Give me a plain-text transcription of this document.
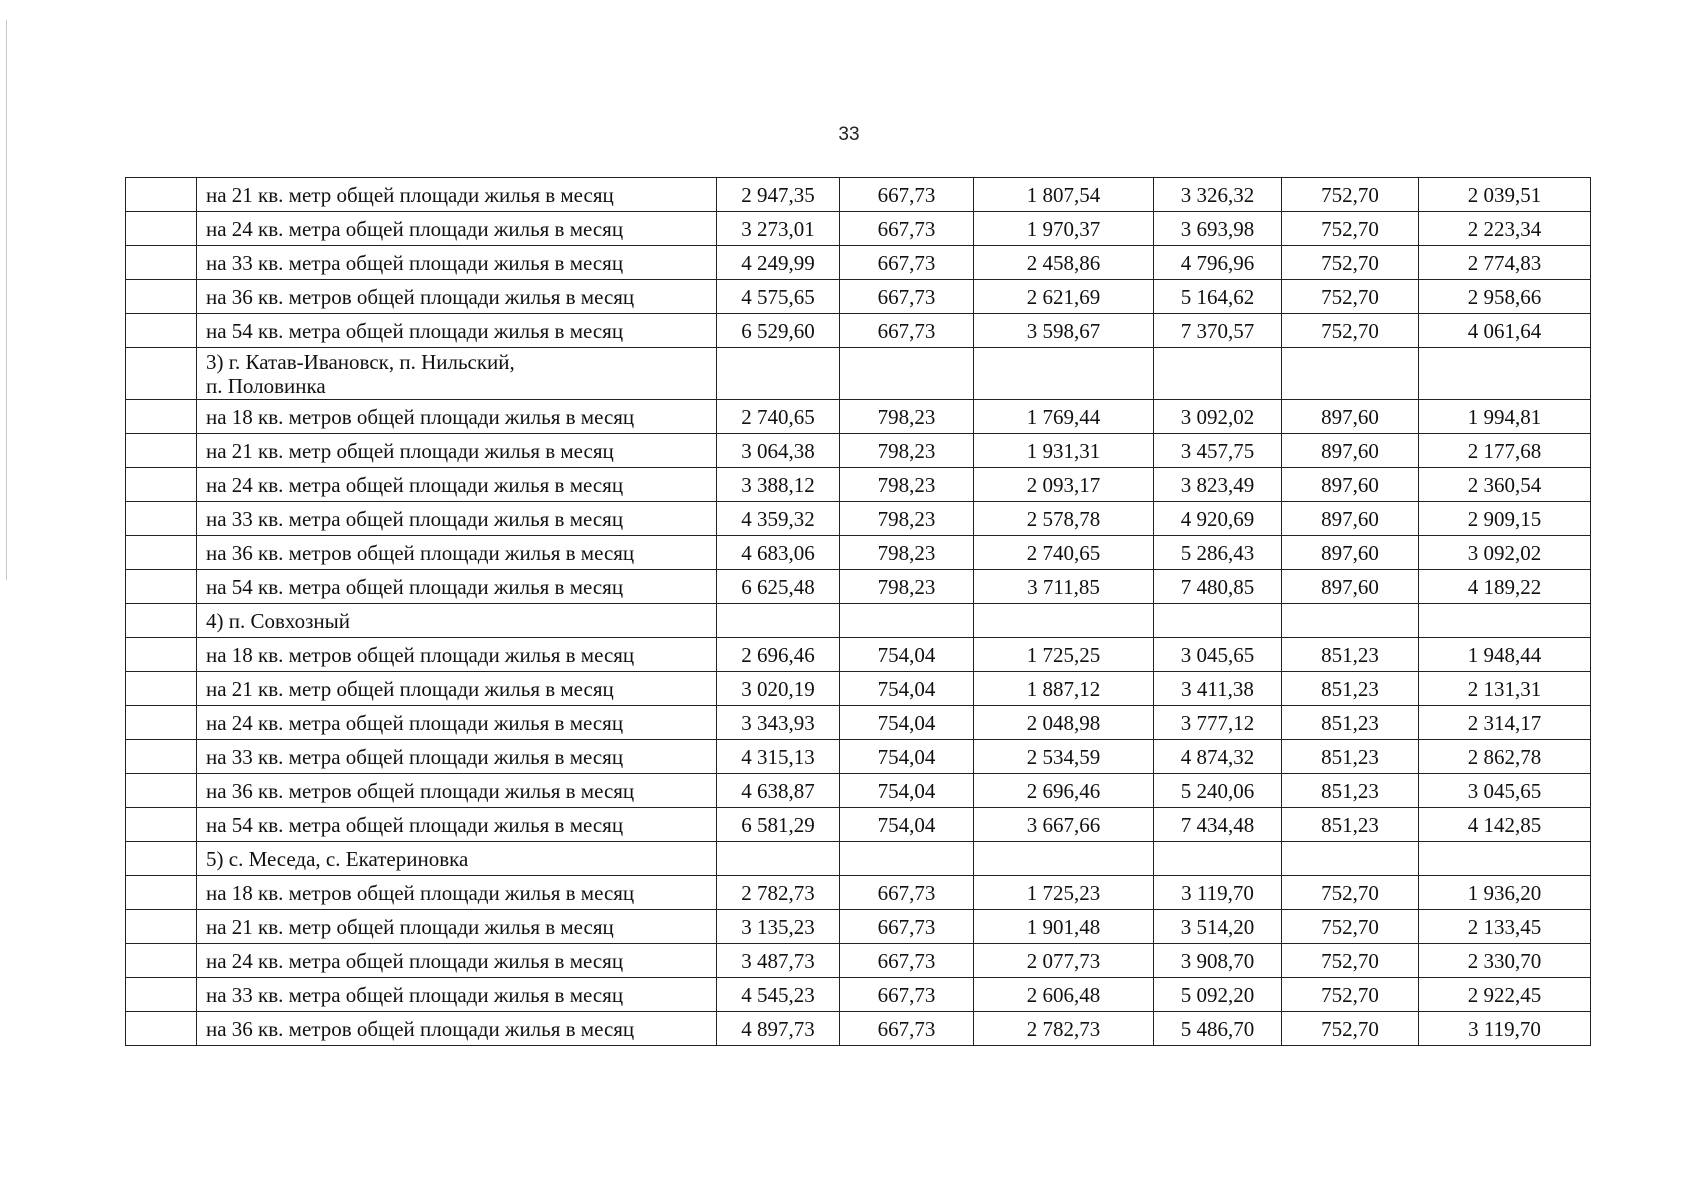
33
	на 21 кв. метр общей площади жилья в месяц	2 947,35	667,73	1 807,54	3 326,32	752,70	2 039,51
	на 24 кв. метра общей площади жилья в месяц	3 273,01	667,73	1 970,37	3 693,98	752,70	2 223,34
	на 33 кв. метра общей площади жилья в месяц	4 249,99	667,73	2 458,86	4 796,96	752,70	2 774,83
	на 36 кв. метров общей площади жилья в месяц	4 575,65	667,73	2 621,69	5 164,62	752,70	2 958,66
	на 54 кв. метра общей площади жилья в месяц	6 529,60	667,73	3 598,67	7 370,57	752,70	4 061,64

	3) г. Катав-Ивановск, п. Нильский,
п. Половинка						

	на 18 кв. метров общей площади жилья в месяц	2 740,65	798,23	1 769,44	3 092,02	897,60	1 994,81
	на 21 кв. метр общей площади жилья в месяц	3 064,38	798,23	1 931,31	3 457,75	897,60	2 177,68
	на 24 кв. метра общей площади жилья в месяц	3 388,12	798,23	2 093,17	3 823,49	897,60	2 360,54
	на 33 кв. метра общей площади жилья в месяц	4 359,32	798,23	2 578,78	4 920,69	897,60	2 909,15
	на 36 кв. метров общей площади жилья в месяц	4 683,06	798,23	2 740,65	5 286,43	897,60	3 092,02
	на 54 кв. метра общей площади жилья в месяц	6 625,48	798,23	3 711,85	7 480,85	897,60	4 189,22

	4) п. Совхозный						

	на 18 кв. метров общей площади жилья в месяц	2 696,46	754,04	1 725,25	3 045,65	851,23	1 948,44
	на 21 кв. метр общей площади жилья в месяц	3 020,19	754,04	1 887,12	3 411,38	851,23	2 131,31
	на 24 кв. метра общей площади жилья в месяц	3 343,93	754,04	2 048,98	3 777,12	851,23	2 314,17
	на 33 кв. метра общей площади жилья в месяц	4 315,13	754,04	2 534,59	4 874,32	851,23	2 862,78
	на 36 кв. метров общей площади жилья в месяц	4 638,87	754,04	2 696,46	5 240,06	851,23	3 045,65
	на 54 кв. метра общей площади жилья в месяц	6 581,29	754,04	3 667,66	7 434,48	851,23	4 142,85

	5) с. Меседа, с. Екатериновка						

	на 18 кв. метров общей площади жилья в месяц	2 782,73	667,73	1 725,23	3 119,70	752,70	1 936,20
	на 21 кв. метр общей площади жилья в месяц	3 135,23	667,73	1 901,48	3 514,20	752,70	2 133,45
	на 24 кв. метра общей площади жилья в месяц	3 487,73	667,73	2 077,73	3 908,70	752,70	2 330,70
	на 33 кв. метра общей площади жилья в месяц	4 545,23	667,73	2 606,48	5 092,20	752,70	2 922,45
	на 36 кв. метров общей площади жилья в месяц	4 897,73	667,73	2 782,73	5 486,70	752,70	3 119,70
